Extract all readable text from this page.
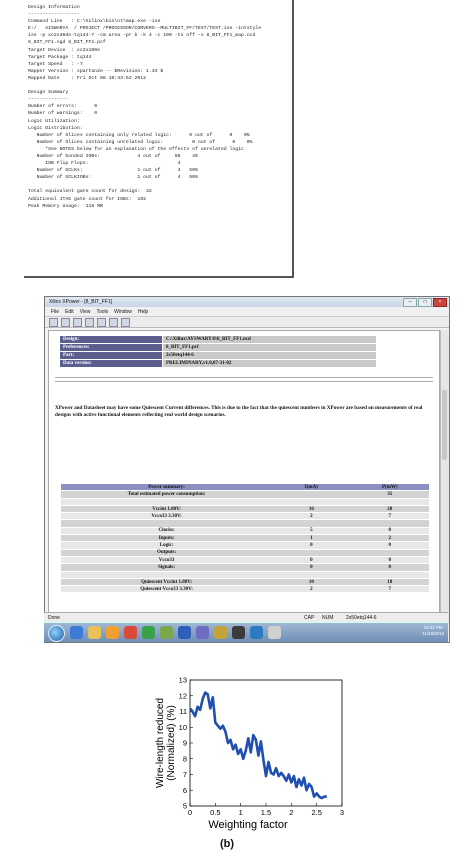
Design Information
------------------
Command Line   : C:\Xilinx\bin\nt\map.exe -ise
E:/   AISWARYA  / PROJECT /PROCESSOR/CONVERS--MULTIBIT_FF/TEST/TEST.ise -intstyle
ise -p xc2s30de-tq144-7 -cm area -pr b -k 4 -c 100 -tx off -o 8_BIT_FF1_map.ncd
8_BIT_FF1.ngd 8_BIT_FF1.pcf
Target Device  : xc2s100e
Target Package : tq144
Target Speed   : -7
Mapper Version : spartan2e -- $Revision: 1.34 $
Mapped Date    : Fri Oct 08 10:43:52 2012

Design Summary
--------------
Number of errors:      0
Number of warnings:    0
Logic Utilization:
Logic Distribution:
Number of Slices containing only related logic:      0 out of      0    0%
Number of Slices containing unrelated logic:          0 out of      0    0%
*See NOTES below for an explanation of the effects of unrelated logic
Number of bonded IOBs:             4 out of     96    4%
IOB Flip Flops:                               4
Number of GCLKs:                   1 out of      4   50%
Number of GCLKIOBs:                1 out of      4   50%

Total equivalent gate count for design:  32
Additional JTAG gate count for IOBs:  192
Peak Memory Usage:  115 MB
Xilinx XPower - [8_BIT_FF1]	–	□	×
File Edit View Tools Window Help
Design:	C:\Xilinx\AYSWARY\8\8_BIT_FF1.ncd
Preferences:	8_BIT_FF1.pcf
Part:	2s50etq144-6
Data version:	PRELIMINARY,v1.0,07-31-02
XPower and Datasheet may have some Quiescent Current differences. This is due to the fact that the quiescent numbers in XPower are based on measurements of real designs with active functional elements reflecting real world design scenarios.
Power summary:	I(mA)	P(mW)
Total estimated power consumption:		35

Vccint 1.80V:	16	28
Vcco33 3.30V:	2	7

Clocks:	5	8
Inputs:	1	2
Logic:	0	0
Outputs:		
Vcco33	0	0
Signals:	0	0

Quiescent Vccint 1.80V:	10	18
Quiescent Vcco33 3.30V:	2	7
Done	CAP NUM	2s50etq144-6
10:31 PM
11/26/2012
0 0.5 1 1.5 2 2.5 3
5
6
7
8
9
10
11
12
13
Weighting factor
Wire-length reduced(Normalized) (%)
(b)
